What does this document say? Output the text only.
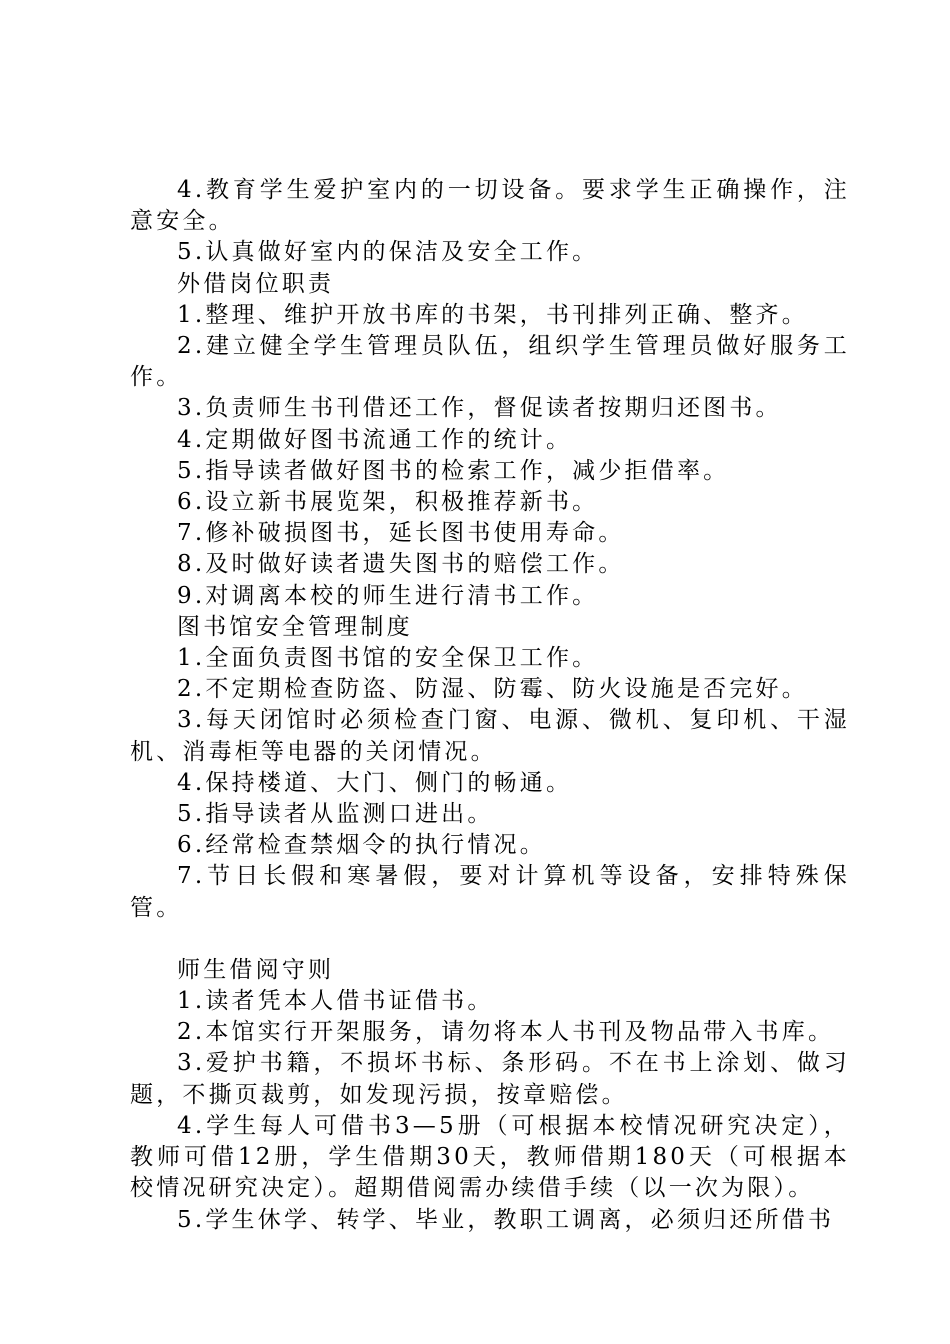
4.教育学生爱护室内的一切设备。要求学生正确操作，注意安全。

5.认真做好室内的保洁及安全工作。

外借岗位职责

1.整理、维护开放书库的书架，书刊排列正确、整齐。

2.建立健全学生管理员队伍，组织学生管理员做好服务工作。

3.负责师生书刊借还工作，督促读者按期归还图书。

4.定期做好图书流通工作的统计。

5.指导读者做好图书的检索工作，减少拒借率。

6.设立新书展览架，积极推荐新书。

7.修补破损图书，延长图书使用寿命。

8.及时做好读者遗失图书的赔偿工作。

9.对调离本校的师生进行清书工作。

图书馆安全管理制度

1.全面负责图书馆的安全保卫工作。

2.不定期检查防盗、防湿、防霉、防火设施是否完好。

3.每天闭馆时必须检查门窗、电源、微机、复印机、干湿机、消毒柜等电器的关闭情况。

4.保持楼道、大门、侧门的畅通。

5.指导读者从监测口进出。

6.经常检查禁烟令的执行情况。

7.节日长假和寒暑假，要对计算机等设备，安排特殊保管。

师生借阅守则

1.读者凭本人借书证借书。

2.本馆实行开架服务，请勿将本人书刊及物品带入书库。

3.爱护书籍，不损坏书标、条形码。不在书上涂划、做习题，不撕页裁剪，如发现污损，按章赔偿。

4.学生每人可借书3—5册（可根据本校情况研究决定），教师可借12册，学生借期30天，教师借期180天（可根据本校情况研究决定）。超期借阅需办续借手续（以一次为限）。

5.学生休学、转学、毕业，教职工调离，必须归还所借书
